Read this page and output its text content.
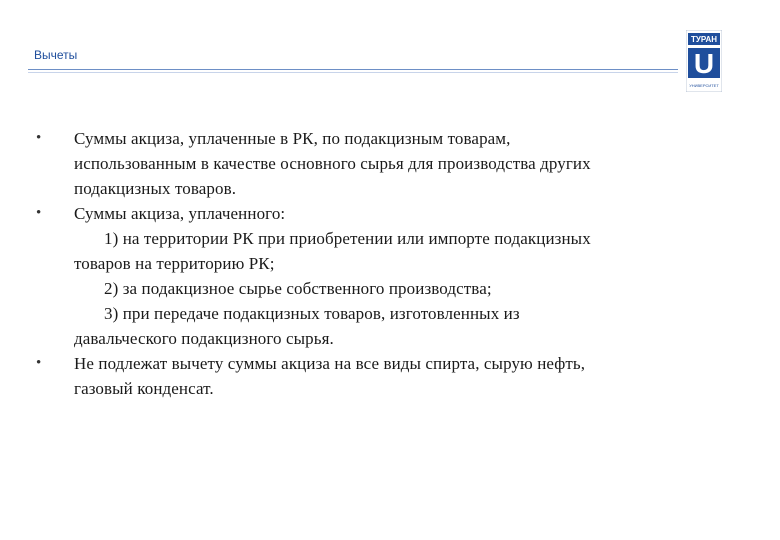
Вычеты
ТУРАН
U
УНИВЕРСИТЕТ
• Суммы акциза, уплаченные в РК, по подакцизным товарам,
использованным в качестве основного сырья для производства других
подакцизных товаров.
• Суммы акциза, уплаченного:
1) на территории РК при приобретении или импорте подакцизных
товаров на территорию РК;
2) за подакцизное сырье собственного производства;
3) при передаче подакцизных товаров, изготовленных из
давальческого подакцизного сырья.
• Не подлежат вычету суммы акциза на все виды спирта, сырую нефть,
газовый конденсат.
